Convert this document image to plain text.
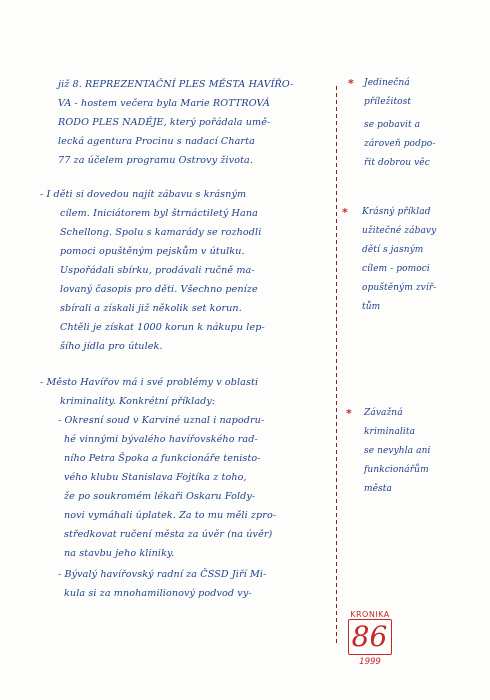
již 8. REPREZENTAČNÍ PLES MĚSTA HAVÍŘO-
VA - hostem večera byla Marie ROTTROVÁ
RODO PLES NADĚJE, který pořádala umě-
lecká agentura Procinu s nadací Charta
77 za účelem programu Ostrovy života.
- I děti si dovedou najít zábavu s krásným
cílem. Iniciátorem byl štrnáctiletý Hana
Schellong. Spolu s kamarády se rozhodli
pomoci opuštěným pejskům v útulku.
Uspořádali sbírku, prodávali ručně ma-
lovaný časopis pro děti. Všechno peníze
sbírali a získali již několik set korun.
Chtěli je získat 1000 korun k nákupu lep-
šího jídla pro útulek.
- Město Havířov má i své problémy v oblasti
kriminality. Konkrétní příklady:
- Okresní soud v Karviné uznal i napodru-
hé vinnými bývalého havířovského rad-
ního Petra Špoka a funkcionáře tenisto-
vého klubu Stanislava Fojtíka z toho,
že po soukromém lékaři Oskaru Foldy-
novi vymáhali úplatek. Za to mu měli zpro-
středkovat ručení města za úvěr (na úvěr)
na stavbu jeho kliniky.
- Bývalý havířovský radní za ČSSD Jiří Mi-
kula si za mnohamilionový podvod vy-
* Jedinečná
příležitost
se pobavit a
zároveň podpo-
řit dobrou věc
* Krásný příklad
užitečné zábavy
dětí s jasným
cílem - pomoci
opuštěným zvíř-
tům
* Závažná
kriminalita
se nevyhla ani
funkcionářům
města
KRONIKA
86
1999
